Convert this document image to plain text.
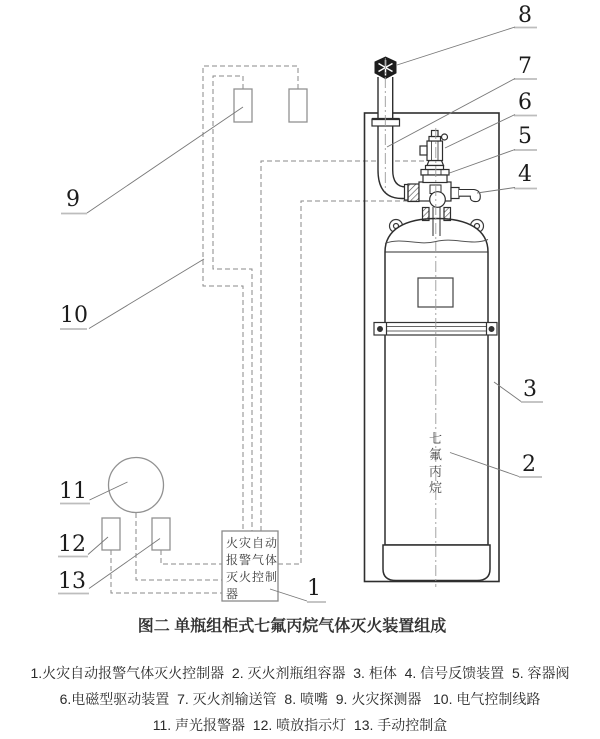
8
7
6
5
4
3
2
9
10
11
12
13	1
火灾自动
报警气体
灭火控制
器
七氟丙烷
图二 单瓶组柜式七氟丙烷气体灭火装置组成
1.火灾自动报警气体灭火控制器  2. 灭火剂瓶组容器  3. 柜体  4. 信号反馈装置  5. 容器阀
6.电磁型驱动装置  7. 灭火剂输送管  8. 喷嘴  9. 火灾探测器   10. 电气控制线路
11. 声光报警器  12. 喷放指示灯  13. 手动控制盒
